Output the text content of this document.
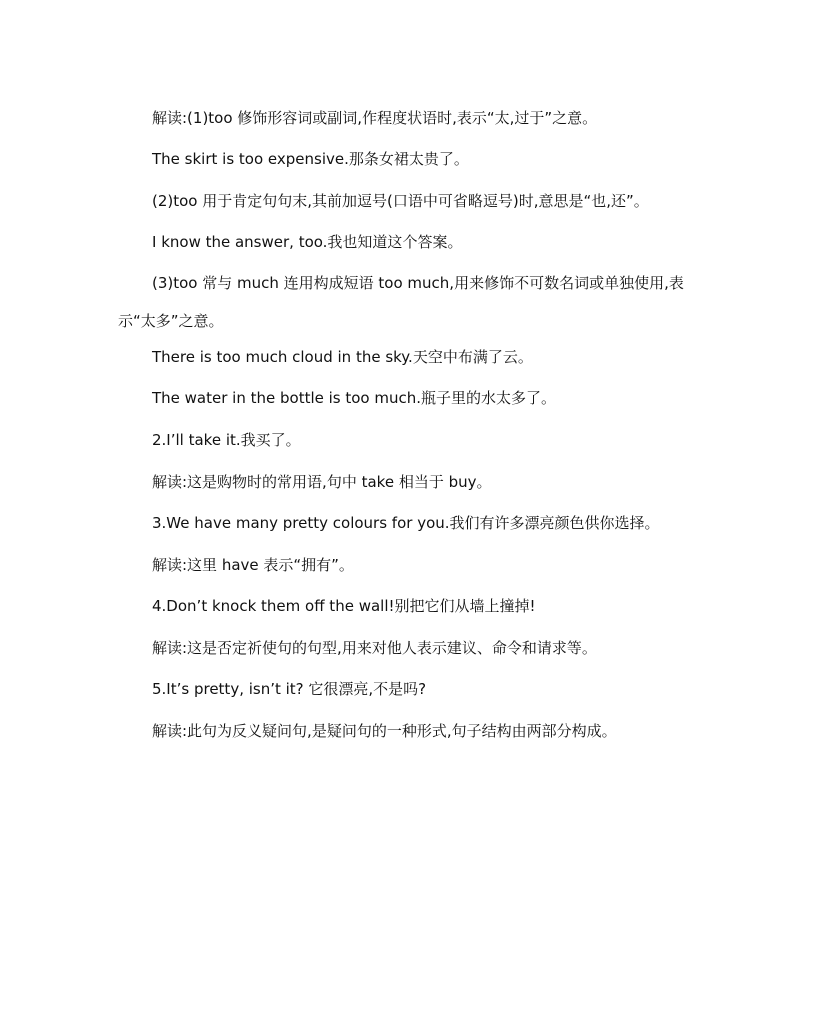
解读:(1)too 修饰形容词或副词,作程度状语时,表示“太,过于”之意。
The skirt is too expensive.那条女裙太贵了。
(2)too 用于肯定句句末,其前加逗号(口语中可省略逗号)时,意思是“也,还”。
I know the answer, too.我也知道这个答案。
(3)too 常与 much 连用构成短语 too much,用来修饰不可数名词或单独使用,表示“太多”之意。
There is too much cloud in the sky.天空中布满了云。
The water in the bottle is too much.瓶子里的水太多了。
2.I’ll take it.我买了。
解读:这是购物时的常用语,句中 take 相当于 buy。
3.We have many pretty colours for you.我们有许多漂亮颜色供你选择。
解读:这里 have 表示“拥有”。
4.Don’t knock them off the wall!别把它们从墙上撞掉!
解读:这是否定祈使句的句型,用来对他人表示建议、命令和请求等。
5.It’s pretty, isn’t it? 它很漂亮,不是吗?
解读:此句为反义疑问句,是疑问句的一种形式,句子结构由两部分构成。
